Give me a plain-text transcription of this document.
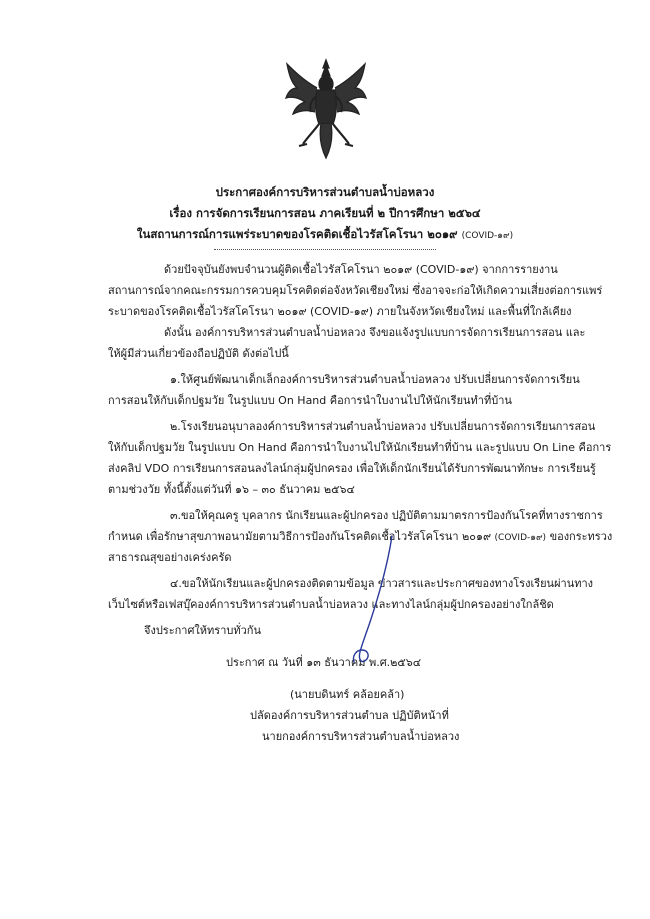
ประกาศองค์การบริหารส่วนตำบลน้ำบ่อหลวง
เรื่อง การจัดการเรียนการสอน ภาคเรียนที่ ๒ ปีการศึกษา ๒๕๖๔
ในสถานการณ์การแพร่ระบาดของโรคติดเชื้อไวรัสโคโรนา ๒๐๑๙ (COVID-๑๙)
ด้วยปัจจุบันยังพบจำนวนผู้ติดเชื้อไวรัสโคโรนา ๒๐๑๙ (COVID-๑๙) จากการรายงาน
สถานการณ์จากคณะกรรมการควบคุมโรคติดต่อจังหวัดเชียงใหม่ ซึ่งอาจจะก่อให้เกิดความเสี่ยงต่อการแพร่
ระบาดของโรคติดเชื้อไวรัสโคโรนา ๒๐๑๙ (COVID-๑๙) ภายในจังหวัดเชียงใหม่ และพื้นที่ใกล้เคียง
ดังนั้น องค์การบริหารส่วนตำบลน้ำบ่อหลวง จึงขอแจ้งรูปแบบการจัดการเรียนการสอน และ
ให้ผู้มีส่วนเกี่ยวข้องถือปฏิบัติ ดังต่อไปนี้
๑.ให้ศูนย์พัฒนาเด็กเล็กองค์การบริหารส่วนตำบลน้ำบ่อหลวง ปรับเปลี่ยนการจัดการเรียน
การสอนให้กับเด็กปฐมวัย ในรูปแบบ On Hand คือการนำใบงานไปให้นักเรียนทำที่บ้าน
๒.โรงเรียนอนุบาลองค์การบริหารส่วนตำบลน้ำบ่อหลวง ปรับเปลี่ยนการจัดการเรียนการสอน
ให้กับเด็กปฐมวัย ในรูปแบบ On Hand คือการนำใบงานไปให้นักเรียนทำที่บ้าน และรูปแบบ On Line คือการ
ส่งคลิป VDO การเรียนการสอนลงไลน์กลุ่มผู้ปกครอง เพื่อให้เด็กนักเรียนได้รับการพัฒนาทักษะ การเรียนรู้
ตามช่วงวัย ทั้งนี้ตั้งแต่วันที่ ๑๖ – ๓๐ ธันวาคม ๒๕๖๔
๓.ขอให้คุณครู บุคลากร นักเรียนและผู้ปกครอง ปฏิบัติตามมาตรการป้องกันโรคที่ทางราชการ
กำหนด เพื่อรักษาสุขภาพอนามัยตามวิธีการป้องกันโรคติดเชื้อไวรัสโคโรนา ๒๐๑๙ (COVID-๑๙) ของกระทรวง
สาธารณสุขอย่างเคร่งครัด
๔.ขอให้นักเรียนและผู้ปกครองติดตามข้อมูล ข่าวสารและประกาศของทางโรงเรียนผ่านทาง
เว็บไซต์หรือเฟสบุ๊คองค์การบริหารส่วนตำบลน้ำบ่อหลวง และทางไลน์กลุ่มผู้ปกครองอย่างใกล้ชิด
จึงประกาศให้ทราบทั่วกัน
ประกาศ ณ วันที่ ๑๓ ธันวาคม พ.ศ.๒๕๖๔
(นายบดินทร์ คล้อยคล้า)
ปลัดองค์การบริหารส่วนตำบล ปฏิบัติหน้าที่
นายกองค์การบริหารส่วนตำบลน้ำบ่อหลวง
